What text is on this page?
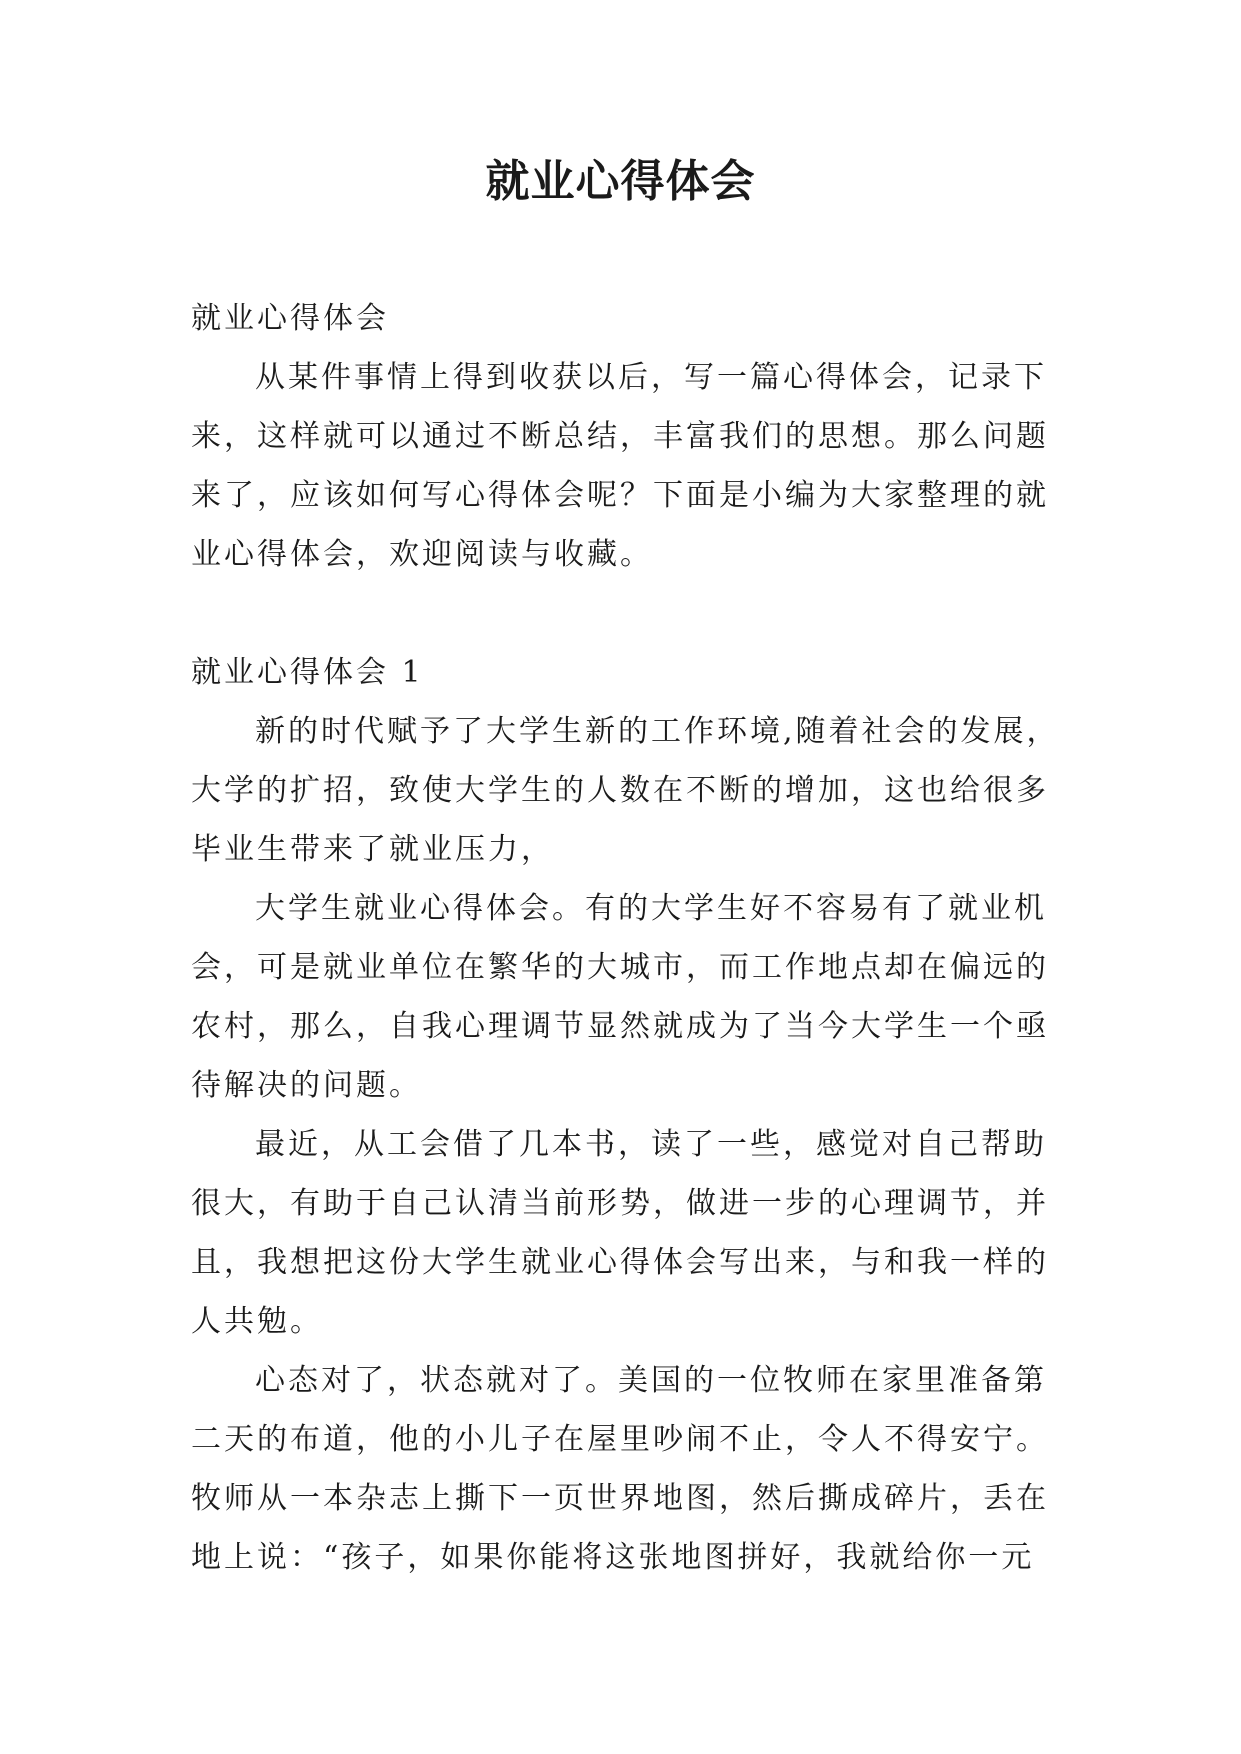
就业心得体会

就业心得体会

从某件事情上得到收获以后，写一篇心得体会，记录下来，这样就可以通过不断总结，丰富我们的思想。那么问题来了，应该如何写心得体会呢？下面是小编为大家整理的就业心得体会，欢迎阅读与收藏。

就业心得体会 1

新的时代赋予了大学生新的工作环境,随着社会的发展，大学的扩招，致使大学生的人数在不断的增加，这也给很多毕业生带来了就业压力，

大学生就业心得体会。有的大学生好不容易有了就业机会，可是就业单位在繁华的大城市，而工作地点却在偏远的农村，那么，自我心理调节显然就成为了当今大学生一个亟待解决的问题。

最近，从工会借了几本书，读了一些，感觉对自己帮助很大，有助于自己认清当前形势，做进一步的心理调节，并且，我想把这份大学生就业心得体会写出来，与和我一样的人共勉。

心态对了，状态就对了。美国的一位牧师在家里准备第二天的布道，他的小儿子在屋里吵闹不止，令人不得安宁。牧师从一本杂志上撕下一页世界地图，然后撕成碎片，丢在地上说：“孩子，如果你能将这张地图拼好，我就给你一元
